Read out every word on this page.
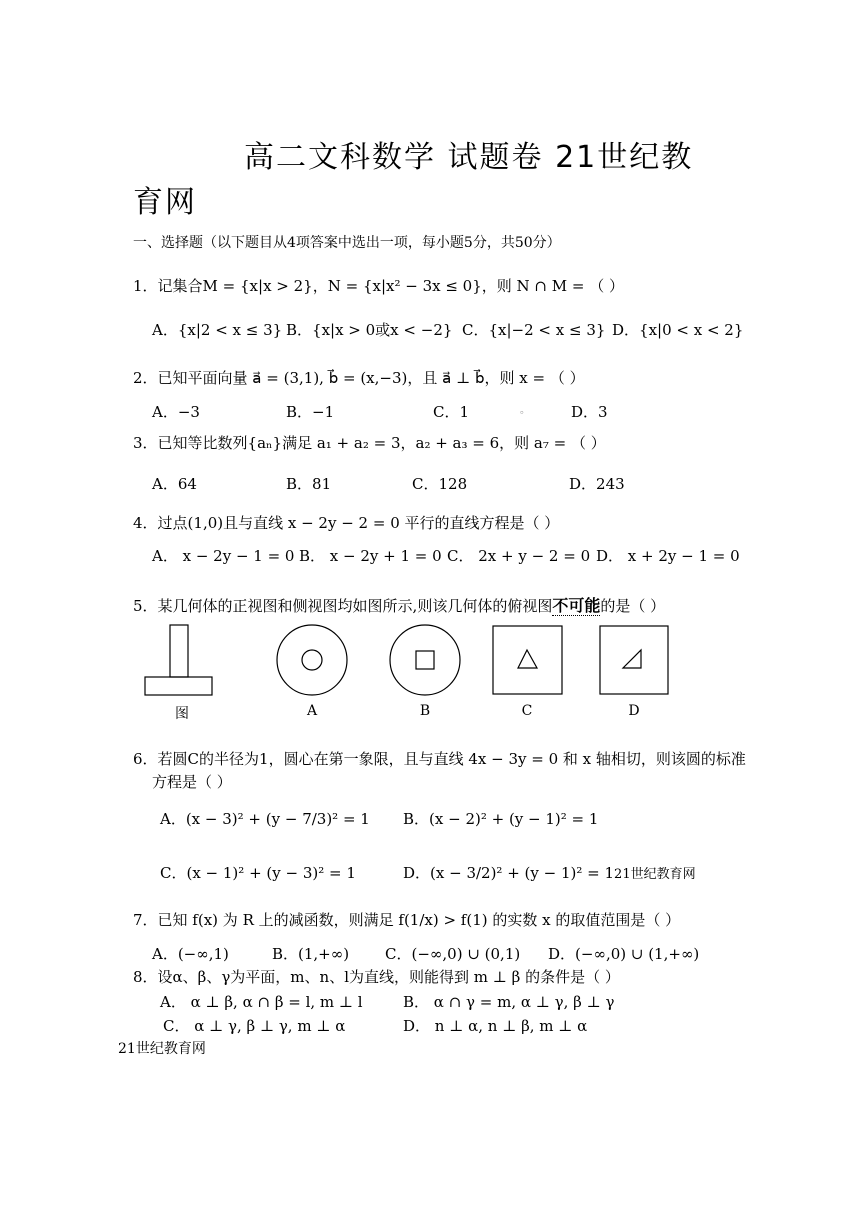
高二文科数学 试题卷 21世纪教
育网
一、选择题（以下题目从4项答案中选出一项，每小题5分，共50分）
1．记集合M = {x|x > 2}，N = {x|x² − 3x ≤ 0}，则 N ∩ M = （ ）
A．{x|2 < x ≤ 3} B．{x|x > 0或x < −2} C．{x|−2 < x ≤ 3} D．{x|0 < x < 2}
2．已知平面向量 a⃗ = (3,1), b⃗ = (x,−3)，且 a⃗ ⊥ b⃗，则 x = （ ）
A．−3	B．−1	C．1	。	D．3
3．已知等比数列{aₙ}满足 a₁ + a₂ = 3，a₂ + a₃ = 6，则 a₇ = （ ）
A．64	B．81	C．128	D．243
4．过点(1,0)且与直线 x − 2y − 2 = 0 平行的直线方程是（ ）
A． x − 2y − 1 = 0 B． x − 2y + 1 = 0 C． 2x + y − 2 = 0 D． x + 2y − 1 = 0
5．某几何体的正视图和侧视图均如图所示,则该几何体的俯视图不可能的是（ ）
图	A	B	C	D
6．若圆C的半径为1，圆心在第一象限，且与直线 4x − 3y = 0 和 x 轴相切，则该圆的标准
方程是（ ）
A．(x − 3)² + (y − 7/3)² = 1 B．(x − 2)² + (y − 1)² = 1
C．(x − 1)² + (y − 3)² = 1	D．(x − 3/2)² + (y − 1)² = 121世纪教育网
7．已知 f(x) 为 R 上的减函数，则满足 f(1/x) > f(1) 的实数 x 的取值范围是（ ）
A．(−∞,1)	B．(1,+∞) C．(−∞,0) ∪ (0,1) D．(−∞,0) ∪ (1,+∞)
8．设α、β、γ为平面，m、n、l为直线，则能得到 m ⊥ β 的条件是（ ）
A． α ⊥ β, α ∩ β = l, m ⊥ l	B． α ∩ γ = m, α ⊥ γ, β ⊥ γ
C． α ⊥ γ, β ⊥ γ, m ⊥ α	D． n ⊥ α, n ⊥ β, m ⊥ α
21世纪教育网
